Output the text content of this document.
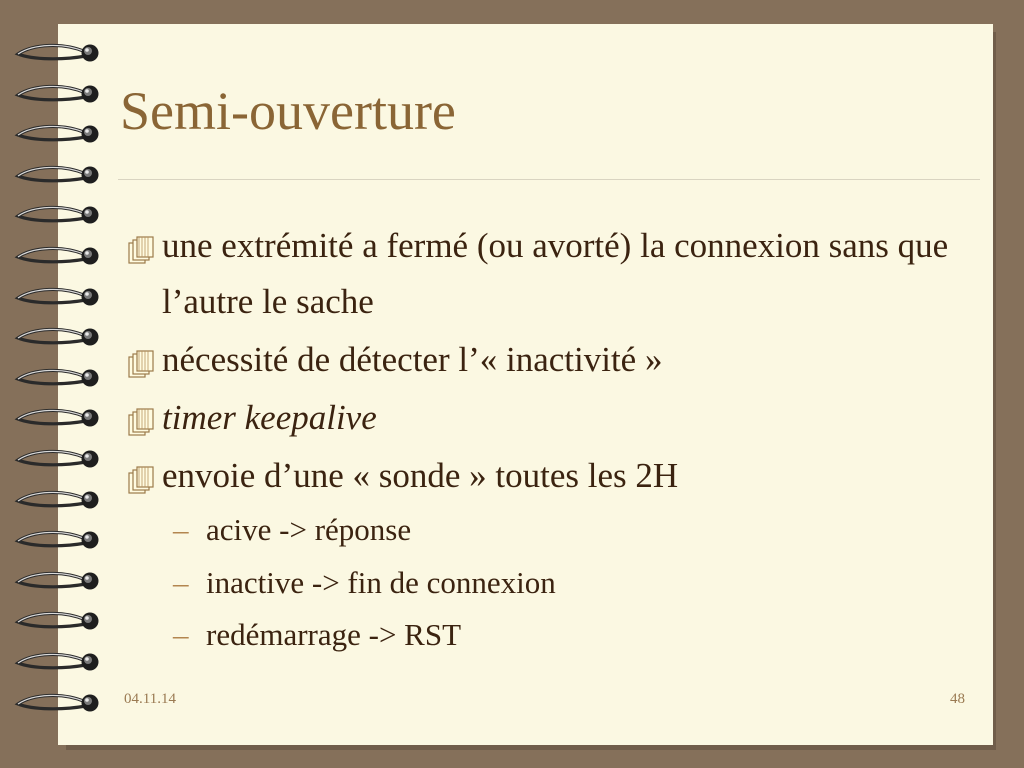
Semi-ouverture
une extrémité a fermé (ou avorté) la connexion sans que l’autre le sache
nécessité de détecter l’« inactivité »
timer keepalive
envoie d’une « sonde » toutes les 2H
– acive -> réponse
– inactive -> fin de connexion
– redémarrage -> RST
04.11.14	48
